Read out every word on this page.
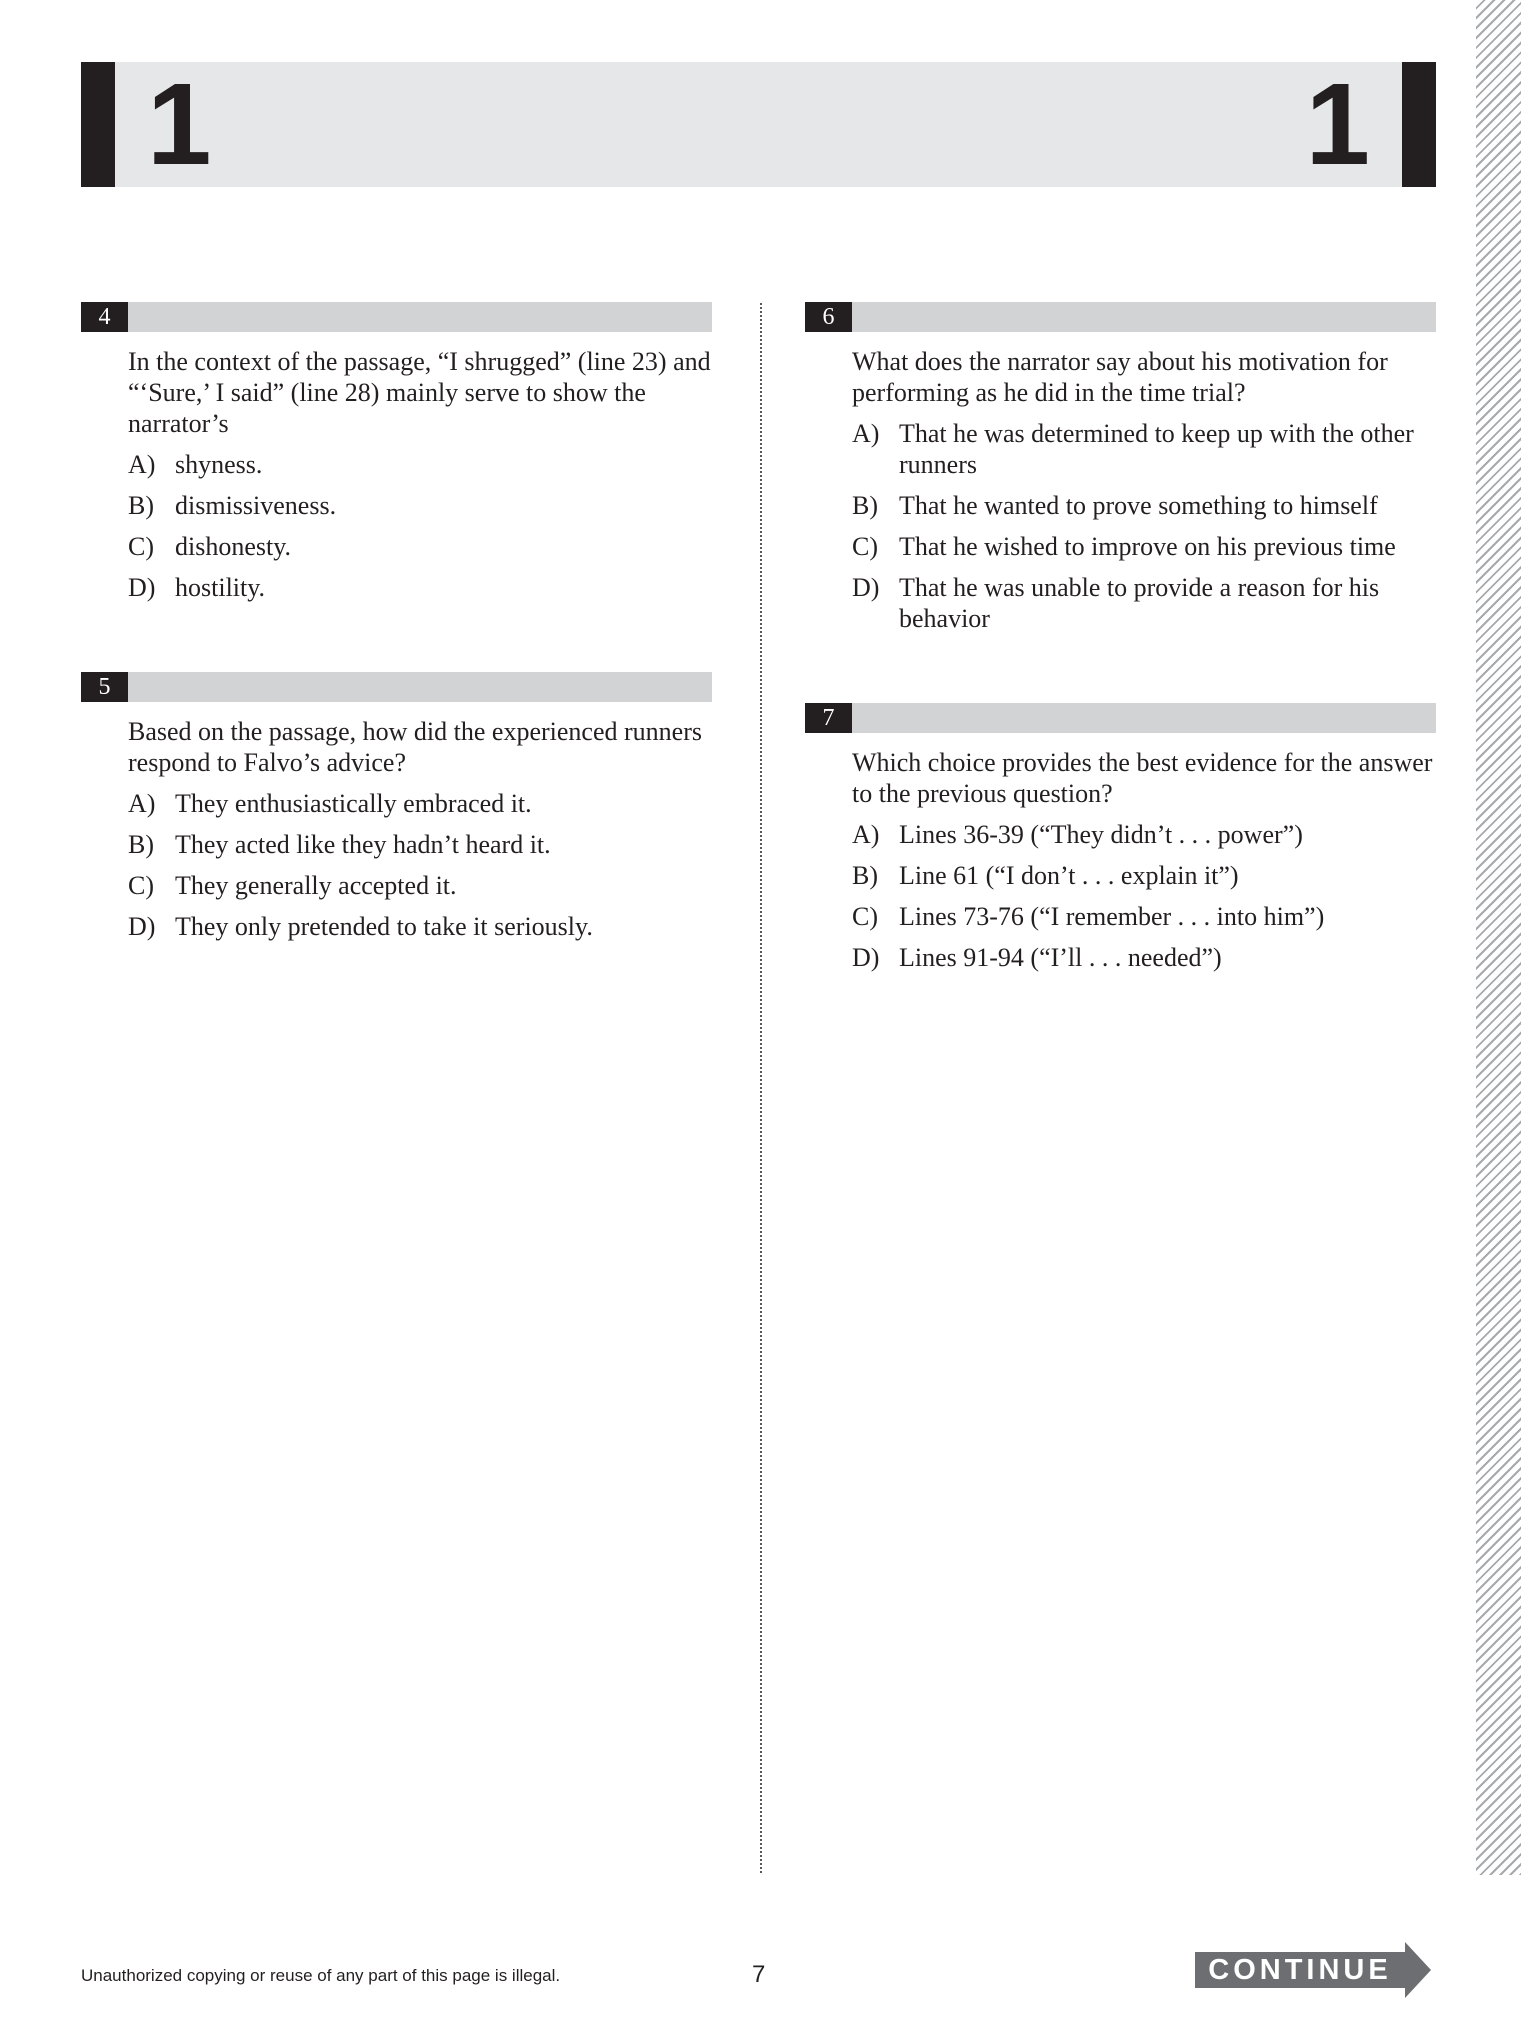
1	1
4

In the context of the passage, “I shrugged” (line 23) and “‘Sure,’ I said” (line 28) mainly serve to show the narrator’s

A) shyness.
B) dismissiveness.
C) dishonesty.
D) hostility.
5

Based on the passage, how did the experienced runners respond to Falvo’s advice?

A) They enthusiastically embraced it.
B) They acted like they hadn’t heard it.
C) They generally accepted it.
D) They only pretended to take it seriously.
6

What does the narrator say about his motivation for performing as he did in the time trial?

A) That he was determined to keep up with the other runners
B) That he wanted to prove something to himself
C) That he wished to improve on his previous time
D) That he was unable to provide a reason for his behavior
7

Which choice provides the best evidence for the answer to the previous question?

A) Lines 36-39 (“They didn’t . . . power”)
B) Line 61 (“I don’t . . . explain it”)
C) Lines 73-76 (“I remember . . . into him”)
D) Lines 91-94 (“I’ll . . . needed”)
Unauthorized copying or reuse of any part of this page is illegal.	7	CONTINUE
